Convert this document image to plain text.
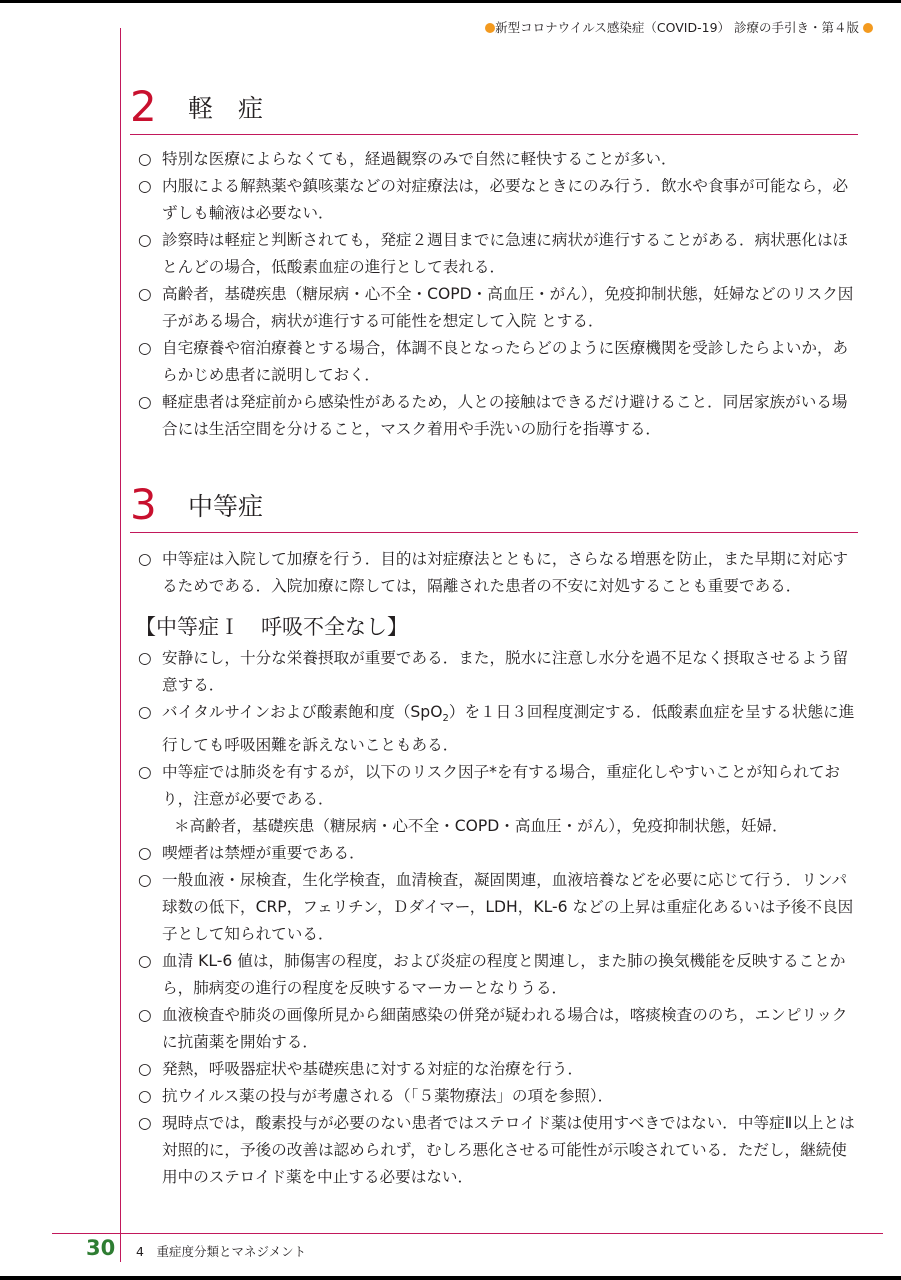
新型コロナウイルス感染症（COVID-19） 診療の手引き・第４版
2	軽　症
○ 特別な医療によらなくても，経過観察のみで自然に軽快することが多い．
○ 内服による解熱薬や鎮咳薬などの対症療法は，必要なときにのみ行う．飲水や食事が可能なら，必ずしも輸液は必要ない．
○ 診察時は軽症と判断されても，発症２週目までに急速に病状が進行することがある．病状悪化はほとんどの場合，低酸素血症の進行として表れる．
○ 高齢者，基礎疾患（糖尿病・心不全・COPD・高血圧・がん），免疫抑制状態，妊婦などのリスク因子がある場合，病状が進行する可能性を想定して入院 とする．
○ 自宅療養や宿泊療養とする場合，体調不良となったらどのように医療機関を受診したらよいか，あらかじめ患者に説明しておく．
○ 軽症患者は発症前から感染性があるため，人との接触はできるだけ避けること．同居家族がいる場合には生活空間を分けること，マスク着用や手洗いの励行を指導する．
3	中等症
○ 中等症は入院して加療を行う．目的は対症療法とともに，さらなる増悪を防止，また早期に対応するためである．入院加療に際しては，隔離された患者の不安に対処することも重要である．
【中等症Ｉ　呼吸不全なし】
○ 安静にし，十分な栄養摂取が重要である．また，脱水に注意し水分を過不足なく摂取させるよう留意する．
○ バイタルサインおよび酸素飽和度（SpO$_2$）を１日３回程度測定する．低酸素血症を呈する状態に進行しても呼吸困難を訴えないこともある．
○ 中等症では肺炎を有するが，以下のリスク因子*を有する場合，重症化しやすいことが知られており，注意が必要である．
＊高齢者，基礎疾患（糖尿病・心不全・COPD・高血圧・がん），免疫抑制状態，妊婦．
○ 喫煙者は禁煙が重要である．
○ 一般血液・尿検査，生化学検査，血清検査，凝固関連，血液培養などを必要に応じて行う．リンパ球数の低下，CRP，フェリチン，Ｄダイマー，LDH，KL-6 などの上昇は重症化あるいは予後不良因子として知られている．
○ 血清 KL-6 値は，肺傷害の程度，および炎症の程度と関連し，また肺の換気機能を反映することから，肺病変の進行の程度を反映するマーカーとなりうる．
○ 血液検査や肺炎の画像所見から細菌感染の併発が疑われる場合は，喀痰検査ののち，エンピリックに抗菌薬を開始する．
○ 発熱，呼吸器症状や基礎疾患に対する対症的な治療を行う．
○ 抗ウイルス薬の投与が考慮される（「５薬物療法」の項を参照）．
○ 現時点では，酸素投与が必要のない患者ではステロイド薬は使用すべきではない．中等症Ⅱ以上とは対照的に，予後の改善は認められず，むしろ悪化させる可能性が示唆されている．ただし，継続使用中のステロイド薬を中止する必要はない．
30 4　重症度分類とマネジメント
